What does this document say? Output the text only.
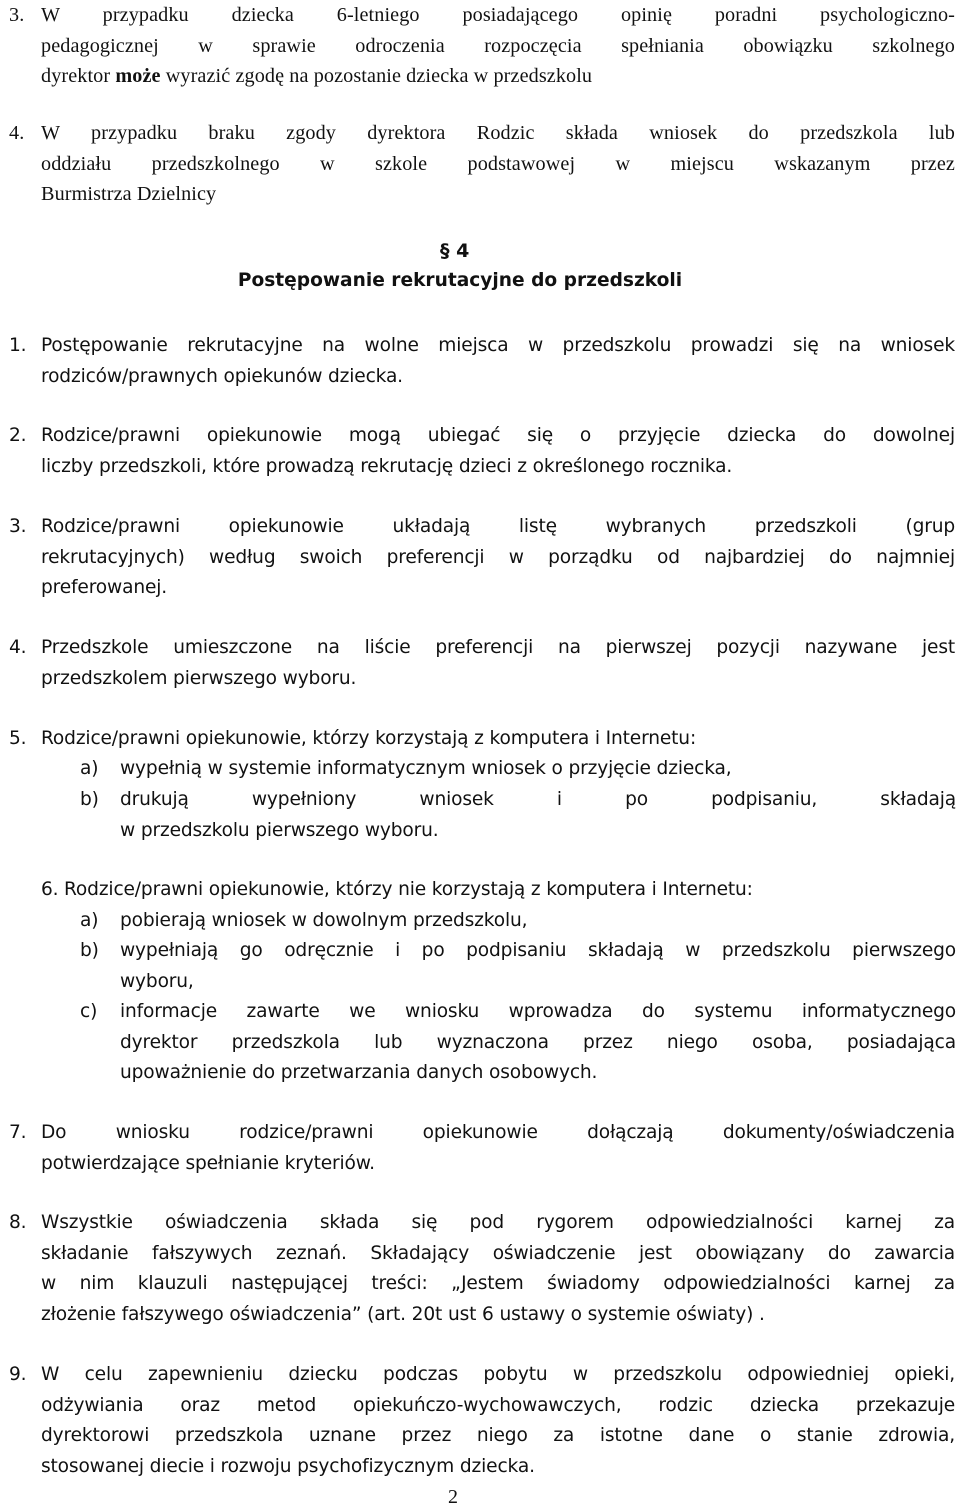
3. W przypadku dziecka 6-letniego posiadającego opinię poradni psychologiczno-
pedagogicznej w sprawie odroczenia rozpoczęcia spełniania obowiązku szkolnego
dyrektor może wyrazić zgodę na pozostanie dziecka w przedszkolu
4. W przypadku braku zgody dyrektora Rodzic składa wniosek do przedszkola lub
oddziału przedszkolnego w szkole podstawowej w miejscu wskazanym przez
Burmistrza Dzielnicy
§ 4
Postępowanie rekrutacyjne do przedszkoli
1. Postępowanie rekrutacyjne na wolne miejsca w przedszkolu prowadzi się na wniosek
rodziców/prawnych opiekunów dziecka.
2. Rodzice/prawni opiekunowie mogą ubiegać się o przyjęcie dziecka do dowolnej
liczby przedszkoli, które prowadzą rekrutację dzieci z określonego rocznika.
3. Rodzice/prawni opiekunowie układają listę wybranych przedszkoli (grup
rekrutacyjnych) według swoich preferencji w porządku od najbardziej do najmniej
preferowanej.
4. Przedszkole umieszczone na liście preferencji na pierwszej pozycji nazywane jest
przedszkolem pierwszego wyboru.
5. Rodzice/prawni opiekunowie, którzy korzystają z komputera i Internetu:
a) wypełnią w systemie informatycznym wniosek o przyjęcie dziecka,
b) drukują wypełniony wniosek i po podpisaniu, składają
w przedszkolu pierwszego wyboru.
6. Rodzice/prawni opiekunowie, którzy nie korzystają z komputera i Internetu:
a) pobierają wniosek w dowolnym przedszkolu,
b) wypełniają go odręcznie i po podpisaniu składają w przedszkolu pierwszego
wyboru,
c) informacje zawarte we wniosku wprowadza do systemu informatycznego
dyrektor przedszkola lub wyznaczona przez niego osoba, posiadająca
upoważnienie do przetwarzania danych osobowych.
7. Do wniosku rodzice/prawni opiekunowie dołączają dokumenty/oświadczenia
potwierdzające spełnianie kryteriów.
8. Wszystkie oświadczenia składa się pod rygorem odpowiedzialności karnej za
składanie fałszywych zeznań. Składający oświadczenie jest obowiązany do zawarcia
w nim klauzuli następującej treści: „Jestem świadomy odpowiedzialności karnej za
złożenie fałszywego oświadczenia” (art. 20t ust 6 ustawy o systemie oświaty) .
9. W celu zapewnieniu dziecku podczas pobytu w przedszkolu odpowiedniej opieki,
odżywiania oraz metod opiekuńczo-wychowawczych, rodzic dziecka przekazuje
dyrektorowi przedszkola uznane przez niego za istotne dane o stanie zdrowia,
stosowanej diecie i rozwoju psychofizycznym dziecka.
2
